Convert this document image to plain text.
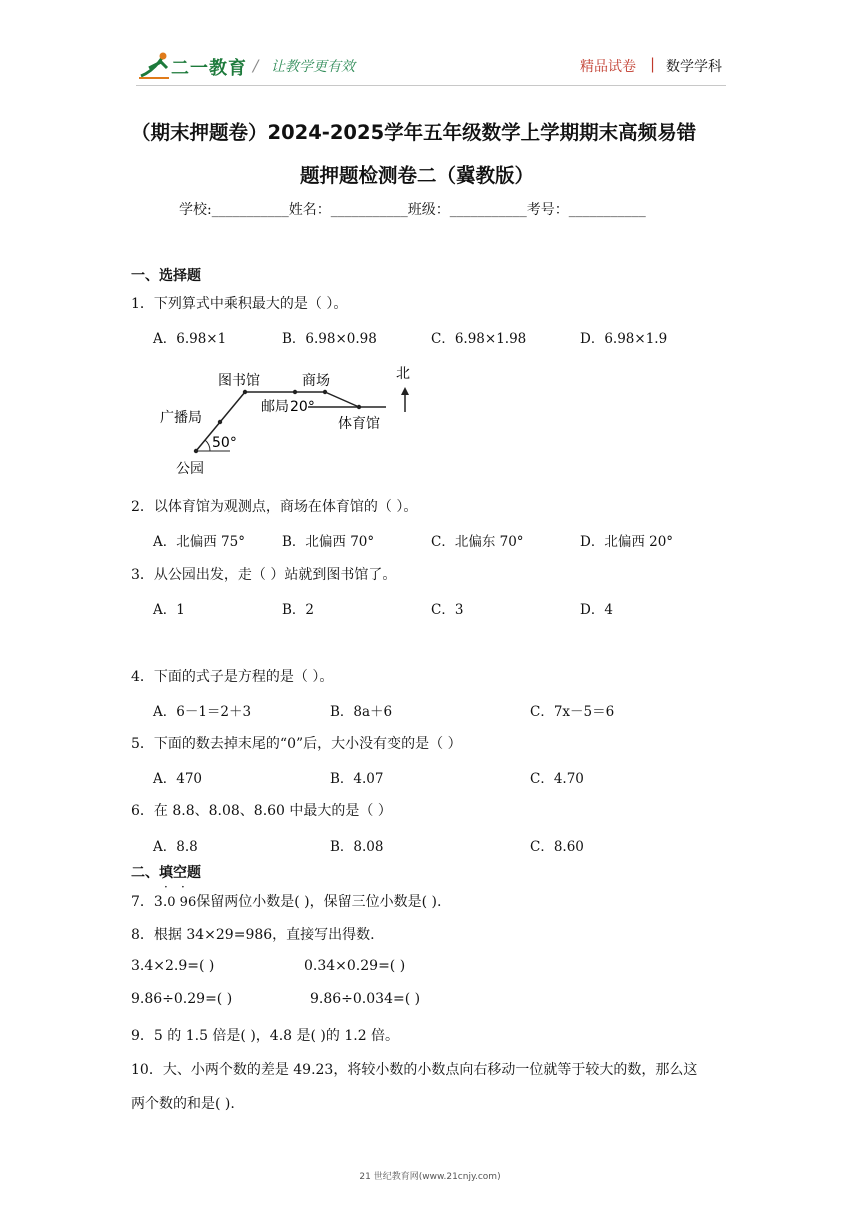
二一教育 / 让教学更有效	精品试卷 | 数学学科
（期末押题卷）2024-2025学年五年级数学上学期期末高频易错
题押题检测卷二（冀教版）
学校:___________姓名：___________班级：___________考号：___________
一、选择题
1．下列算式中乘积最大的是（ ）。
A．6.98×1	B．6.98×0.98	C．6.98×1.98	D．6.98×1.9
图书馆	商场	北
广播局
邮局 20°
体育馆
50°
公园
2．以体育馆为观测点，商场在体育馆的（ ）。
A．北偏西 75°	B．北偏西 70°	C．北偏东 70°	D．北偏西 20°
3．从公园出发，走（ ）站就到图书馆了。
A．1	B．2	C．3	D．4
4．下面的式子是方程的是（ ）。
A．6－1＝2＋3	B．8a＋6	C．7x－5＝6
5．下面的数去掉末尾的“0”后，大小没有变的是（ ）
A．470	B．4.07	C．4.70
6．在 8.8、8.08、8.60 中最大的是（ ）
A．8.8	B．8.08	C．8.60
二、填空题
7．3.0 96保留两位小数是( )，保留三位小数是( ).
· ·
8．根据 34×29=986，直接写出得数.
3.4×2.9=( )	0.34×0.29=( )
9.86÷0.29=( )	9.86÷0.034=( )
9．5 的 1.5 倍是( )，4.8 是( )的 1.2 倍。
10．大、小两个数的差是 49.23，将较小数的小数点向右移动一位就等于较大的数，那么这
两个数的和是( ).
21 世纪教育网(www.21cnjy.com)
